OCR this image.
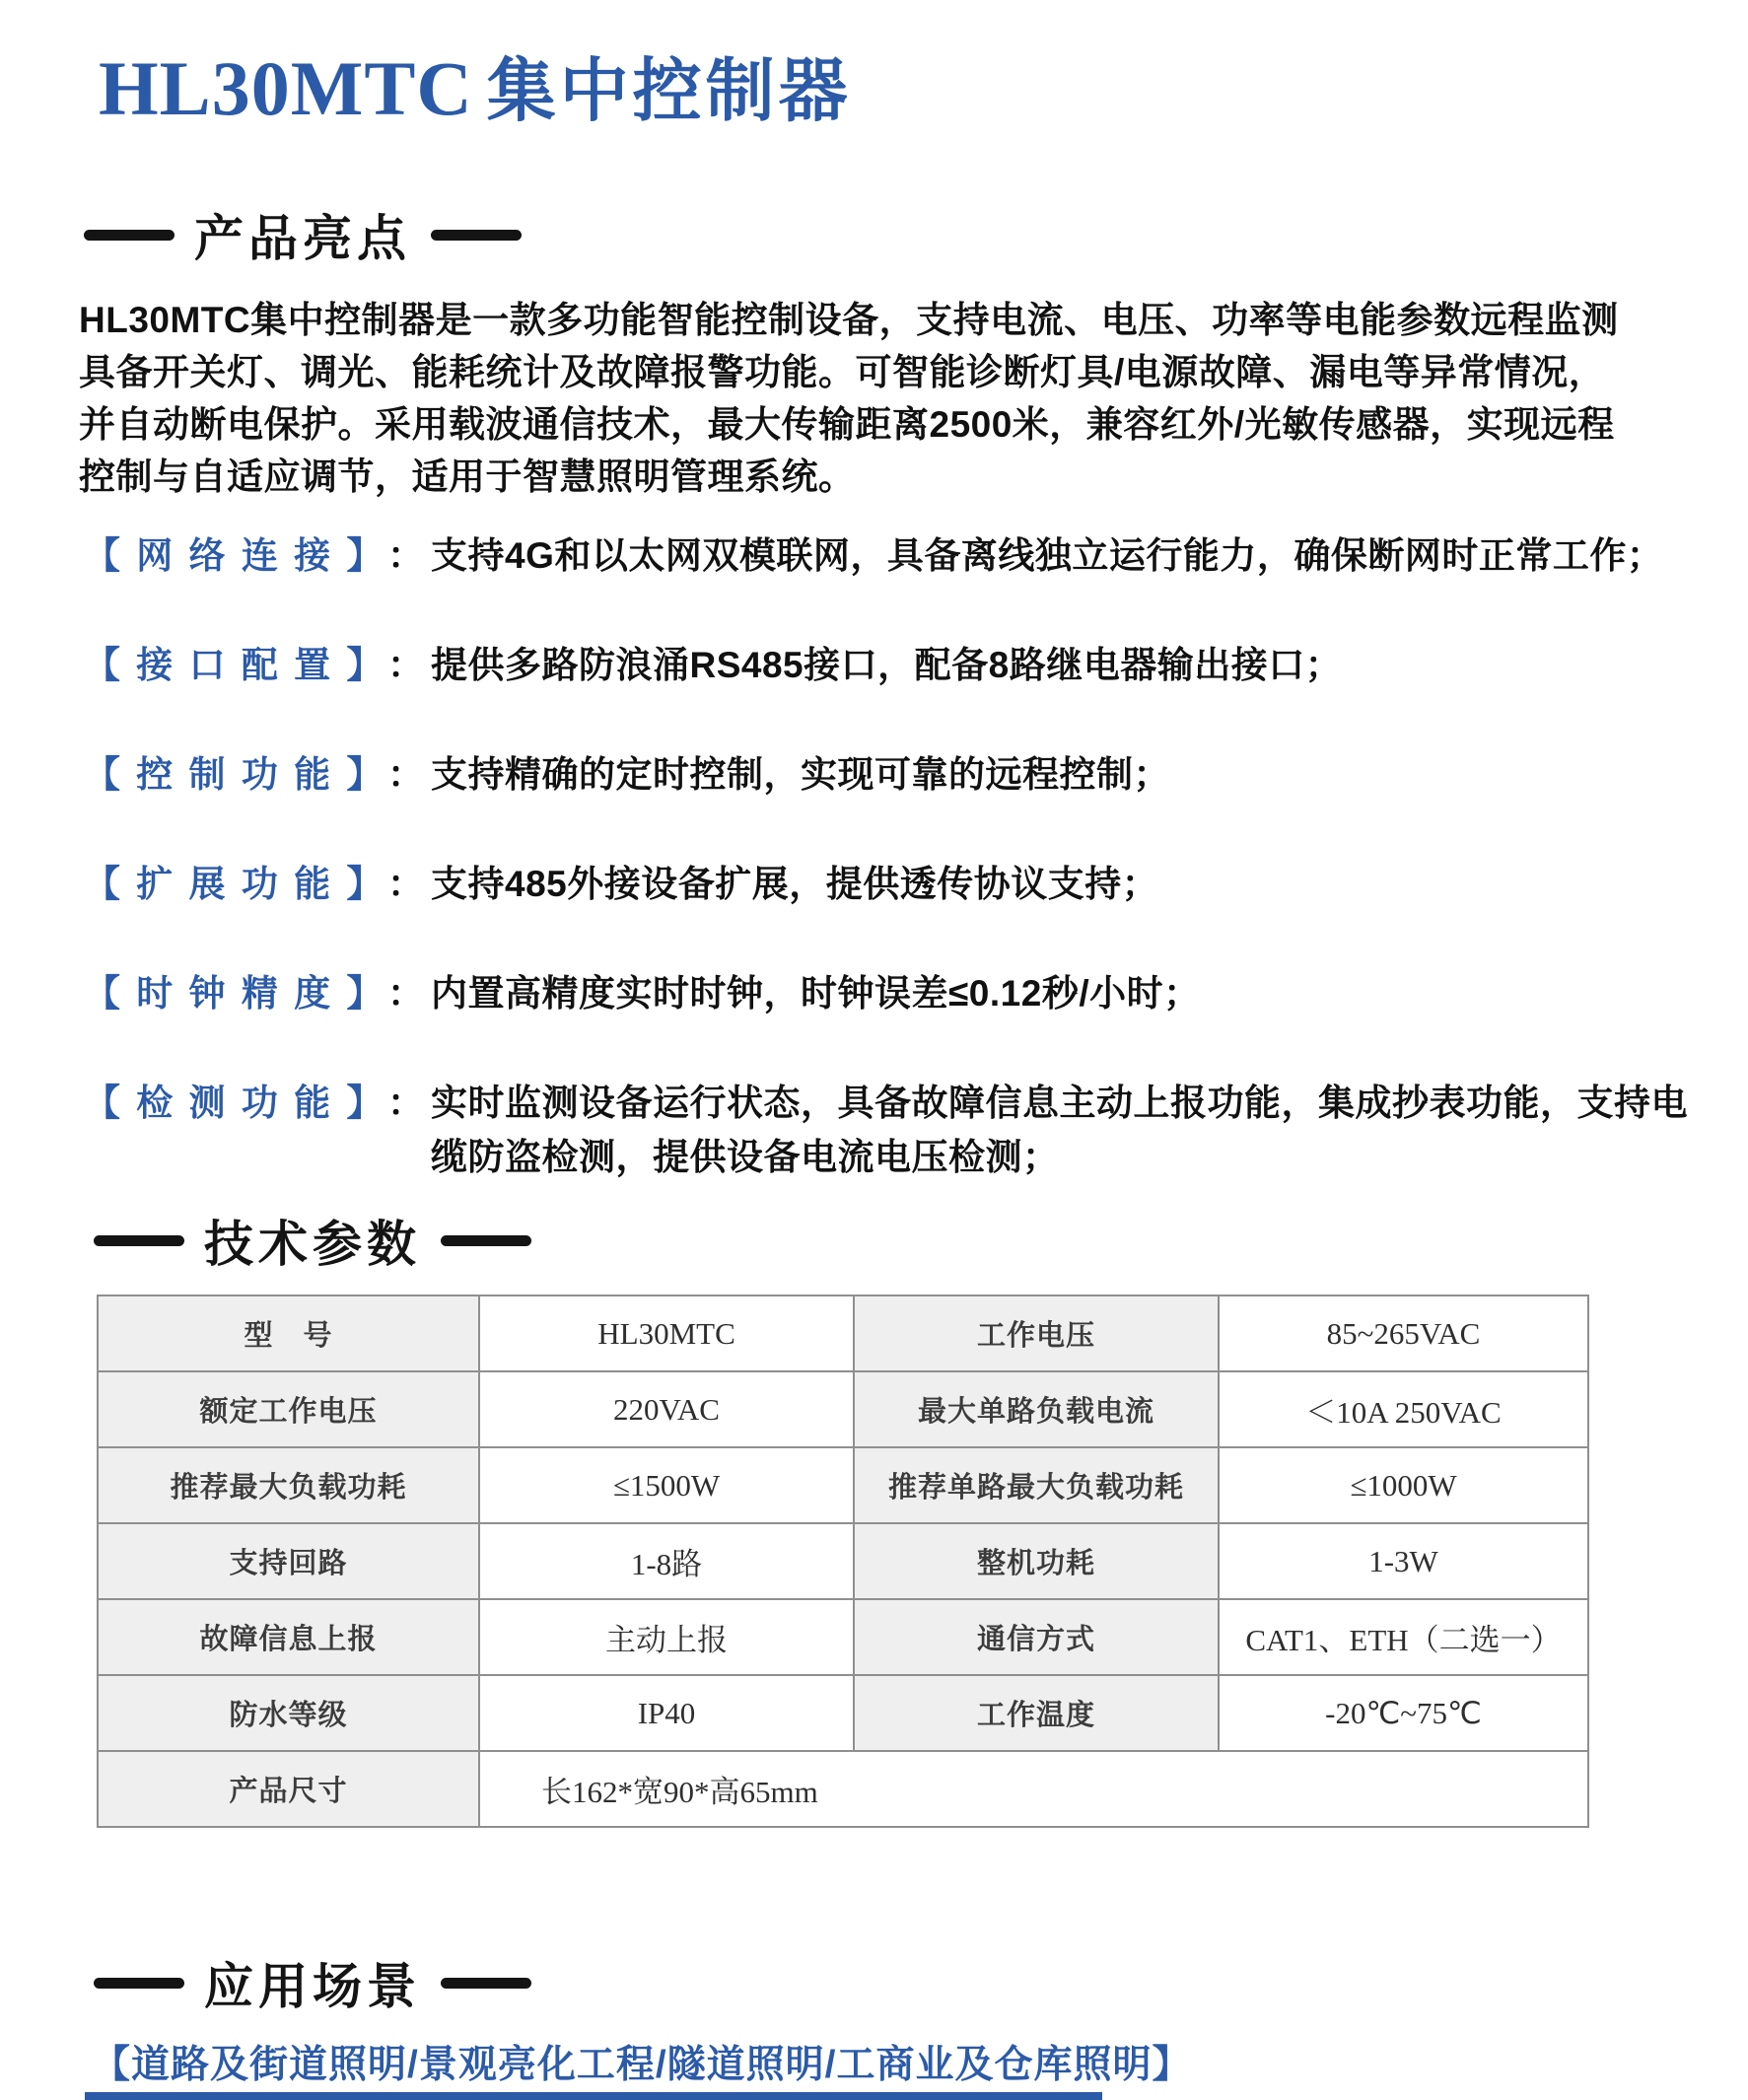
HL30MTC 集中控制器
产品亮点
HL30MTC集中控制器是一款多功能智能控制设备，支持电流、电压、功率等电能参数远程监测
具备开关灯、调光、能耗统计及故障报警功能。可智能诊断灯具/电源故障、漏电等异常情况，
并自动断电保护。采用载波通信技术，最大传输距离2500米，兼容红外/光敏传感器，实现远程
控制与自适应调节，适用于智慧照明管理系统。
【 网 络 连 接 】 ： 支持4G和以太网双模联网，具备离线独立运行能力，确保断网时正常工作；
【 接 口 配 置 】 ： 提供多路防浪涌RS485接口，配备8路继电器输出接口；
【 控 制 功 能 】 ： 支持精确的定时控制，实现可靠的远程控制；
【 扩 展 功 能 】 ： 支持485外接设备扩展，提供透传协议支持；
【 时 钟 精 度 】 ： 内置高精度实时时钟，时钟误差≤0.12秒/小时；
【 检 测 功 能 】 ： 实时监测设备运行状态，具备故障信息主动上报功能，集成抄表功能，支持电缆防盗检测，提供设备电流电压检测；
技术参数
型　号	HL30MTC	工作电压	85~265VAC
额定工作电压	220VAC	最大单路负载电流	＜10A 250VAC
推荐最大负载功耗	≤1500W	推荐单路最大负载功耗	≤1000W
支持回路	1-8路	整机功耗	1-3W
故障信息上报	主动上报	通信方式	CAT1、ETH（二选一）
防水等级	IP40	工作温度	-20℃~75℃
产品尺寸	长162*宽90*高65mm		
应用场景
【道路及街道照明/景观亮化工程/隧道照明/工商业及仓库照明】
